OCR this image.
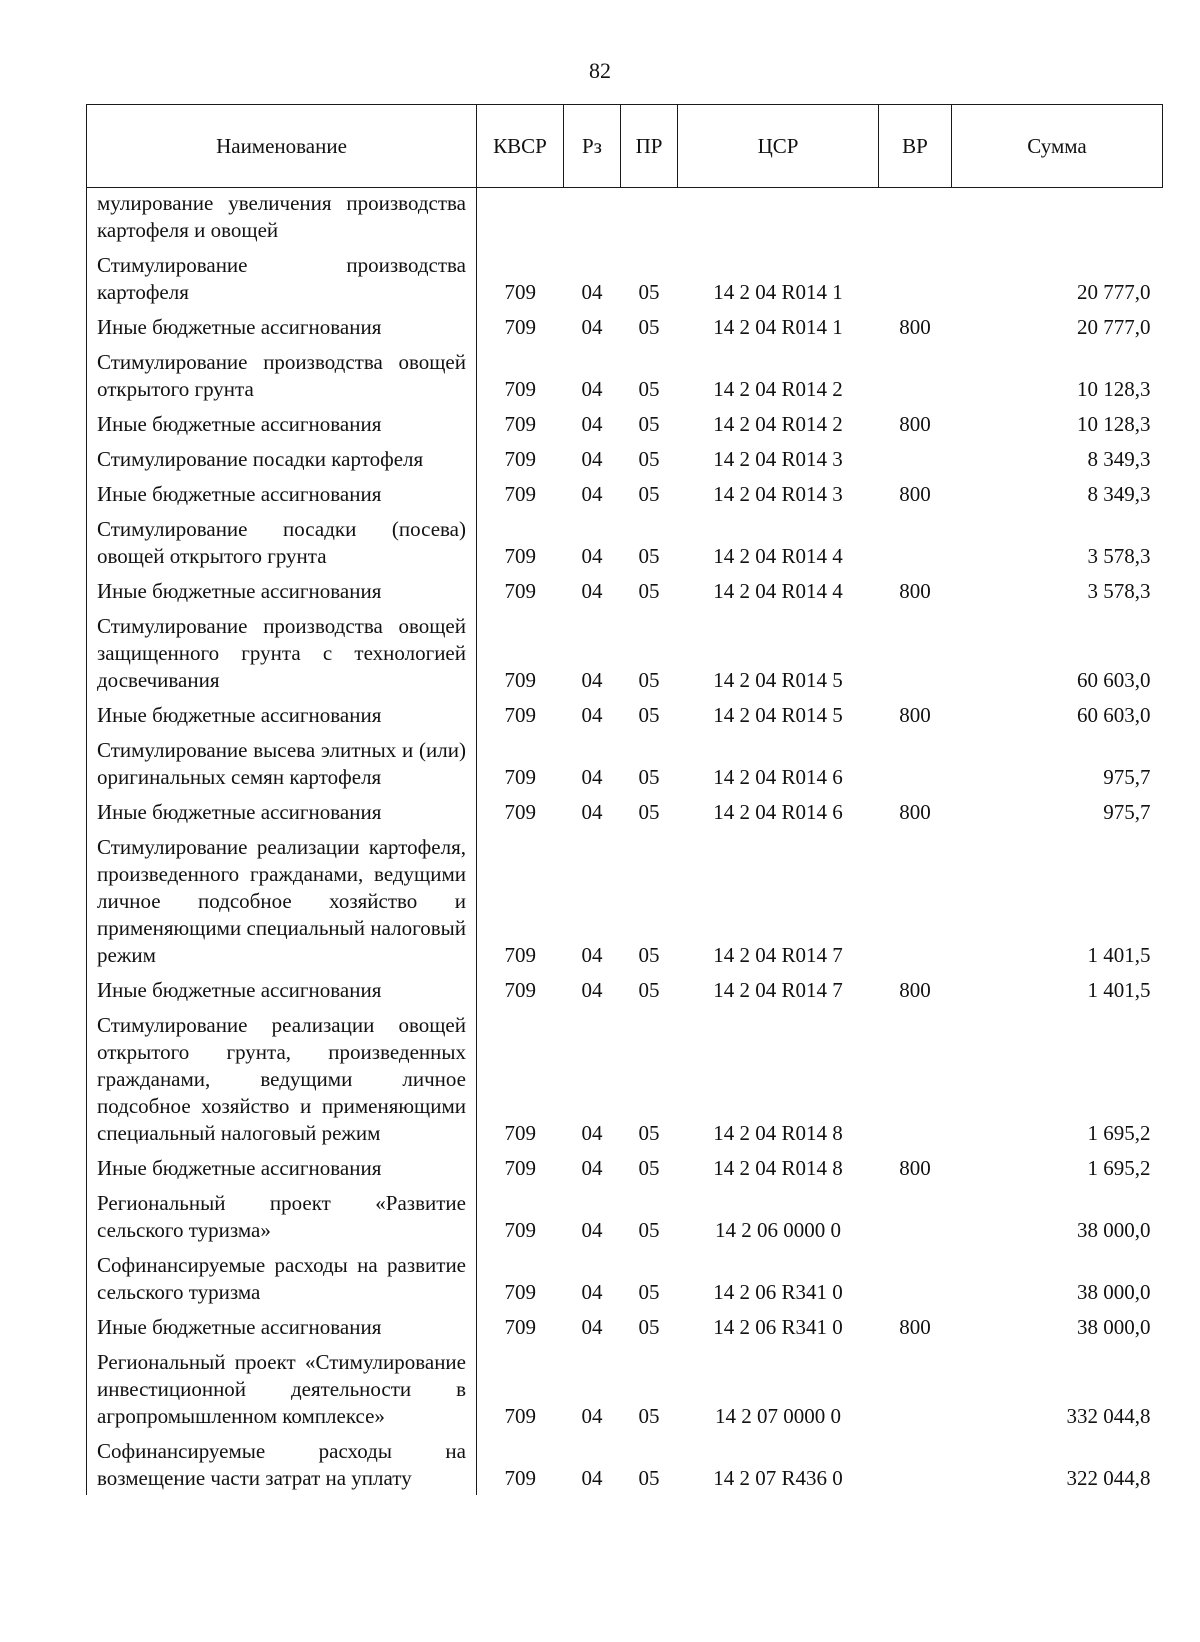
82
Наименование	КВСР	Рз	ПР	ЦСР	ВР	Сумма
мулирование увеличения производства картофеля и овощей						
Стимулирование производства картофеля	709	04	05	14 2 04 R014 1		20 777,0
Иные бюджетные ассигнования	709	04	05	14 2 04 R014 1	800	20 777,0
Стимулирование производства овощей открытого грунта	709	04	05	14 2 04 R014 2		10 128,3
Иные бюджетные ассигнования	709	04	05	14 2 04 R014 2	800	10 128,3
Стимулирование посадки картофеля	709	04	05	14 2 04 R014 3		8 349,3
Иные бюджетные ассигнования	709	04	05	14 2 04 R014 3	800	8 349,3
Стимулирование посадки (посева) овощей открытого грунта	709	04	05	14 2 04 R014 4		3 578,3
Иные бюджетные ассигнования	709	04	05	14 2 04 R014 4	800	3 578,3
Стимулирование производства овощей защищенного грунта с технологией досвечивания	709	04	05	14 2 04 R014 5		60 603,0
Иные бюджетные ассигнования	709	04	05	14 2 04 R014 5	800	60 603,0
Стимулирование высева элитных и (или) оригинальных семян картофеля	709	04	05	14 2 04 R014 6		975,7
Иные бюджетные ассигнования	709	04	05	14 2 04 R014 6	800	975,7
Стимулирование реализации картофеля, произведенного гражданами, ведущими личное подсобное хозяйство и применяющими специальный налоговый режим	709	04	05	14 2 04 R014 7		1 401,5
Иные бюджетные ассигнования	709	04	05	14 2 04 R014 7	800	1 401,5
Стимулирование реализации овощей открытого грунта, произведенных гражданами, ведущими личное подсобное хозяйство и применяющими специальный налоговый режим	709	04	05	14 2 04 R014 8		1 695,2
Иные бюджетные ассигнования	709	04	05	14 2 04 R014 8	800	1 695,2
Региональный проект «Развитие сельского туризма»	709	04	05	14 2 06 0000 0		38 000,0
Софинансируемые расходы на развитие сельского туризма	709	04	05	14 2 06 R341 0		38 000,0
Иные бюджетные ассигнования	709	04	05	14 2 06 R341 0	800	38 000,0
Региональный проект «Стимулирование инвестиционной деятельности в агропромышленном комплексе»	709	04	05	14 2 07 0000 0		332 044,8
Софинансируемые расходы на возмещение части затрат на уплату	709	04	05	14 2 07 R436 0		322 044,8
